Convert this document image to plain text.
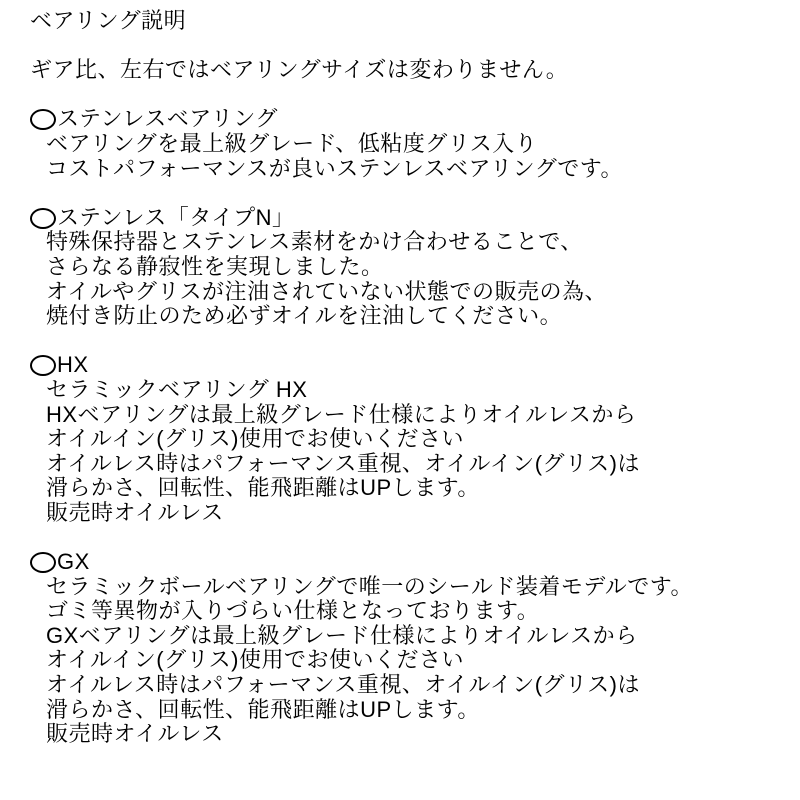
ベアリング説明
ギア比、左右ではベアリングサイズは変わりません。
ステンレスベアリング
ベアリングを最上級グレード、低粘度グリス入り
コストパフォーマンスが良いステンレスベアリングです。
ステンレス「タイプN」
特殊保持器とステンレス素材をかけ合わせることで、
さらなる静寂性を実現しました。
オイルやグリスが注油されていない状態での販売の為、
焼付き防止のため必ずオイルを注油してください。
HX
セラミックベアリング HX
HXベアリングは最上級グレード仕様によりオイルレスから
オイルイン(グリス)使用でお使いください
オイルレス時はパフォーマンス重視、オイルイン(グリス)は
滑らかさ、回転性、能飛距離はUPします。
販売時オイルレス
GX
セラミックボールベアリングで唯一のシールド装着モデルです。
ゴミ等異物が入りづらい仕様となっております。
GXベアリングは最上級グレード仕様によりオイルレスから
オイルイン(グリス)使用でお使いください
オイルレス時はパフォーマンス重視、オイルイン(グリス)は
滑らかさ、回転性、能飛距離はUPします。
販売時オイルレス
